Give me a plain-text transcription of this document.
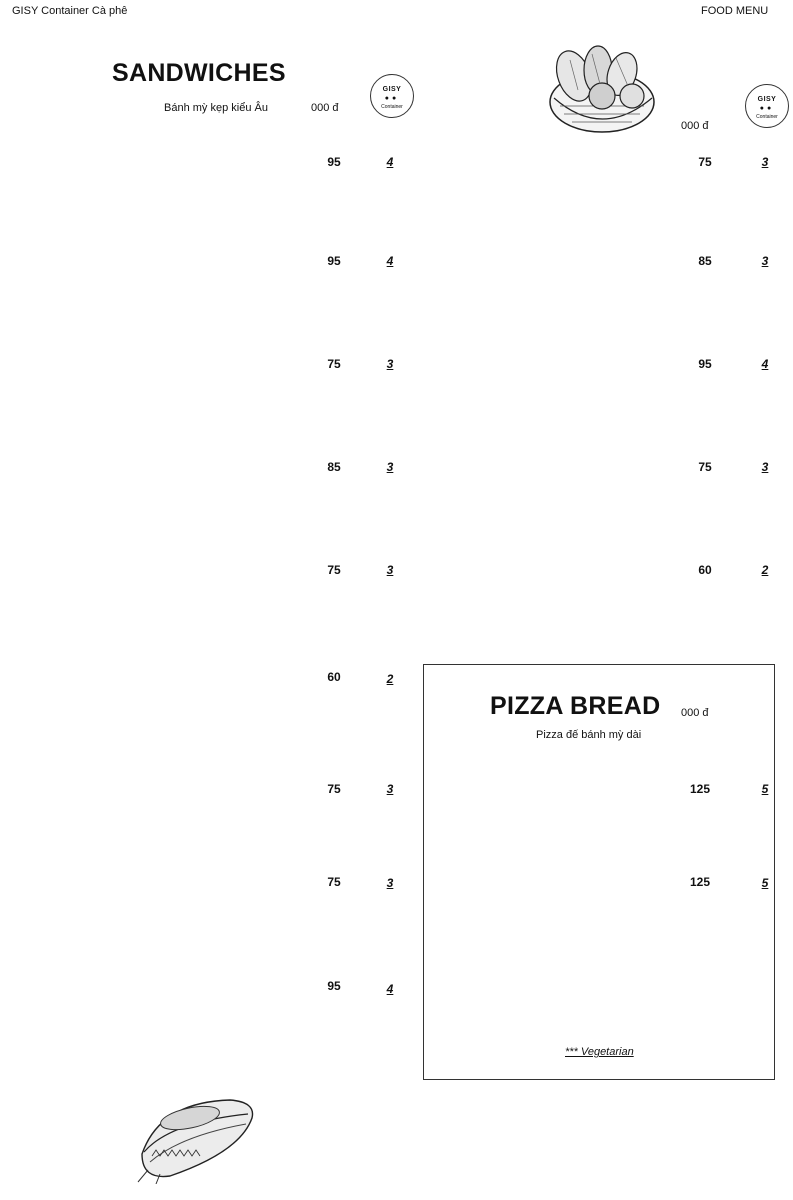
GISY Container Cà phê	FOOD MENU
SANDWICHES
Bánh mỳ kẹp kiểu Âu	000 đ
GISY
●●
Container
GISY
●●
Container
000 đ
95	4
95	4
75	3
85	3
75	3
60	2
75	3
75	3
95	4
75	3
85	3
95	4
75	3
60	2
PIZZA BREAD 000 đ
Pizza đế bánh mỳ dài
125	5
125	5
*** Vegetarian
